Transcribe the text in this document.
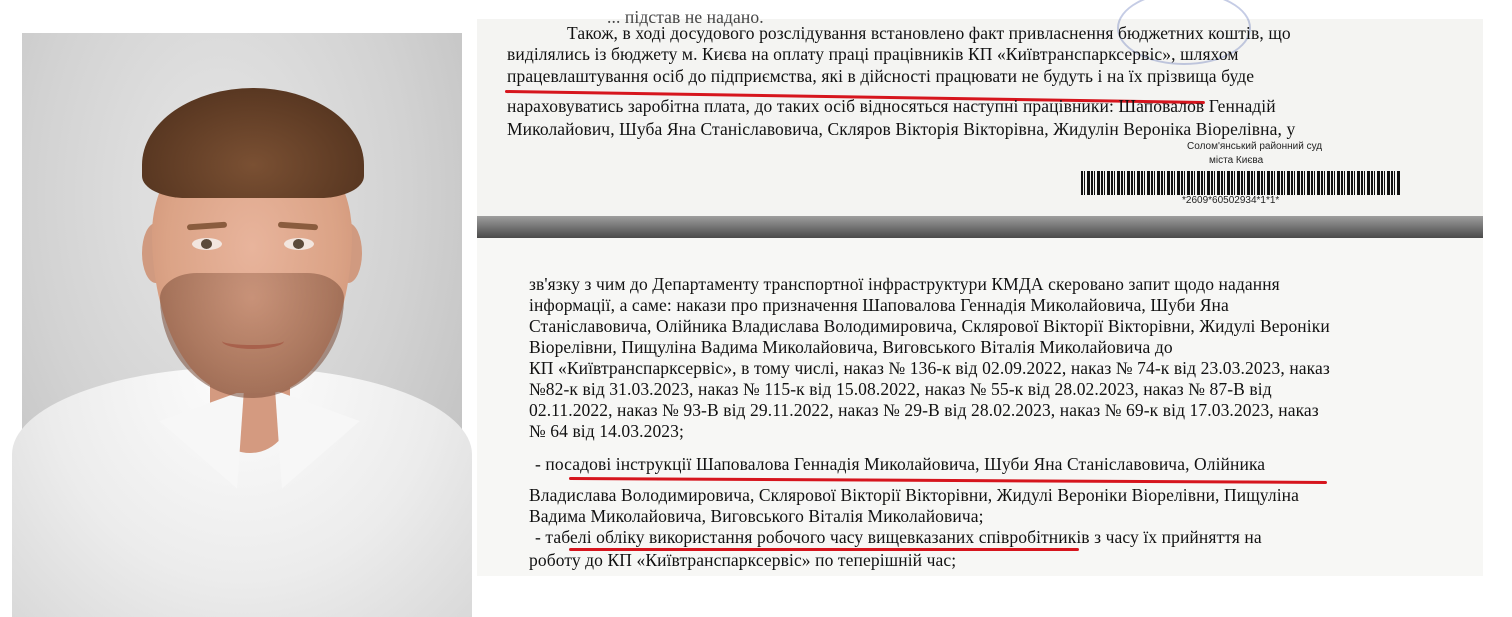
... підстав не надано.
Також, в ході досудового розслідування встановлено факт привласнення бюджетних коштів, що
виділялись із бюджету м. Києва на оплату праці працівників КП «Київтранспарксервіс», шляхом
працевлаштування осіб до підприємства, які в дійсності працювати не будуть і на їх прізвища буде
нараховуватись заробітна плата, до таких осіб відносяться наступні працівники: Шаповалов Геннадій
Миколайович, Шуба Яна Станіславовича, Скляров Вікторія Вікторівна, Жидулін Вероніка Віорелівна, у
Солом'янський районний суд
міста Києва
*2609*60502934*1*1*
зв'язку з чим до Департаменту транспортної інфраструктури КМДА скеровано запит щодо надання
інформації, а саме: накази про призначення Шаповалова Геннадія Миколайовича, Шуби Яна
Станіславовича, Олійника Владислава Володимировича, Склярової Вікторії Вікторівни, Жидулі Вероніки
Віорелівни, Пищуліна Вадима Миколайовича, Виговського Віталія Миколайовича до
КП «Київтранспарксервіс», в тому числі, наказ № 136-к від 02.09.2022, наказ № 74-к від 23.03.2023, наказ
№82-к від 31.03.2023, наказ № 115-к від 15.08.2022, наказ № 55-к від 28.02.2023, наказ № 87-В від
02.11.2022, наказ № 93-В від 29.11.2022, наказ № 29-В від 28.02.2023, наказ № 69-к від 17.03.2023, наказ
№ 64 від 14.03.2023;
- посадові інструкції Шаповалова Геннадія Миколайовича, Шуби Яна Станіславовича, Олійника
Владислава Володимировича, Склярової Вікторії Вікторівни, Жидулі Вероніки Віорелівни, Пищуліна
Вадима Миколайовича, Виговського Віталія Миколайовича;
- табелі обліку використання робочого часу вищевказаних співробітників з часу їх прийняття на
роботу до КП «Київтранспарксервіс» по теперішній час;
